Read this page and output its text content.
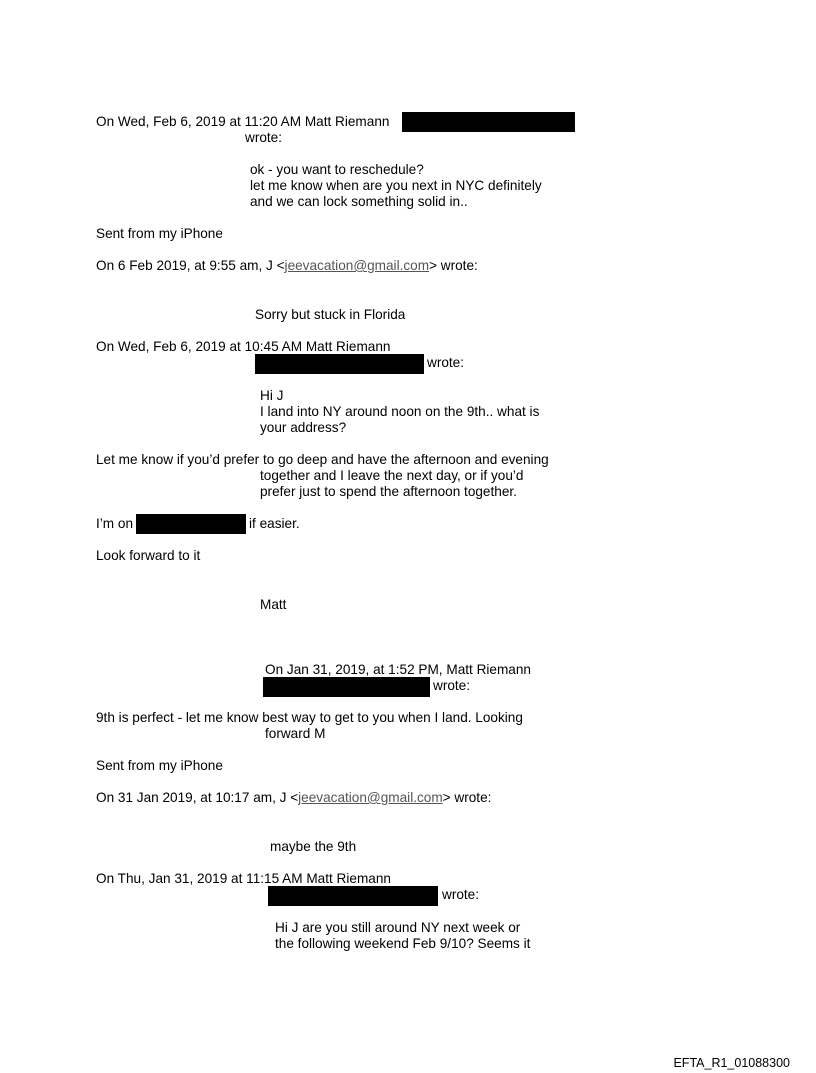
On Wed, Feb 6, 2019 at 11:20 AM Matt Riemann
wrote:
ok - you want to reschedule?
let me know when are you next in NYC definitely
and we can lock something solid in..
Sent from my iPhone
On 6 Feb 2019, at 9:55 am, J <jeevacation@gmail.com> wrote:
Sorry but stuck in Florida
On Wed, Feb 6, 2019 at 10:45 AM Matt Riemann
wrote:
Hi J
I land into NY around noon on the 9th.. what is
your address?
Let me know if you’d prefer to go deep and have the afternoon and evening
together and I leave the next day, or if you’d
prefer just to spend the afternoon together.
I’m on	if easier.
Look forward to it
Matt
On Jan 31, 2019, at 1:52 PM, Matt Riemann
wrote:
9th is perfect - let me know best way to get to you when I land. Looking
forward M
Sent from my iPhone
On 31 Jan 2019, at 10:17 am, J <jeevacation@gmail.com> wrote:
maybe the 9th
On Thu, Jan 31, 2019 at 11:15 AM Matt Riemann
wrote:
Hi J are you still around NY next week or
the following weekend Feb 9/10? Seems it
EFTA_R1_01088300
